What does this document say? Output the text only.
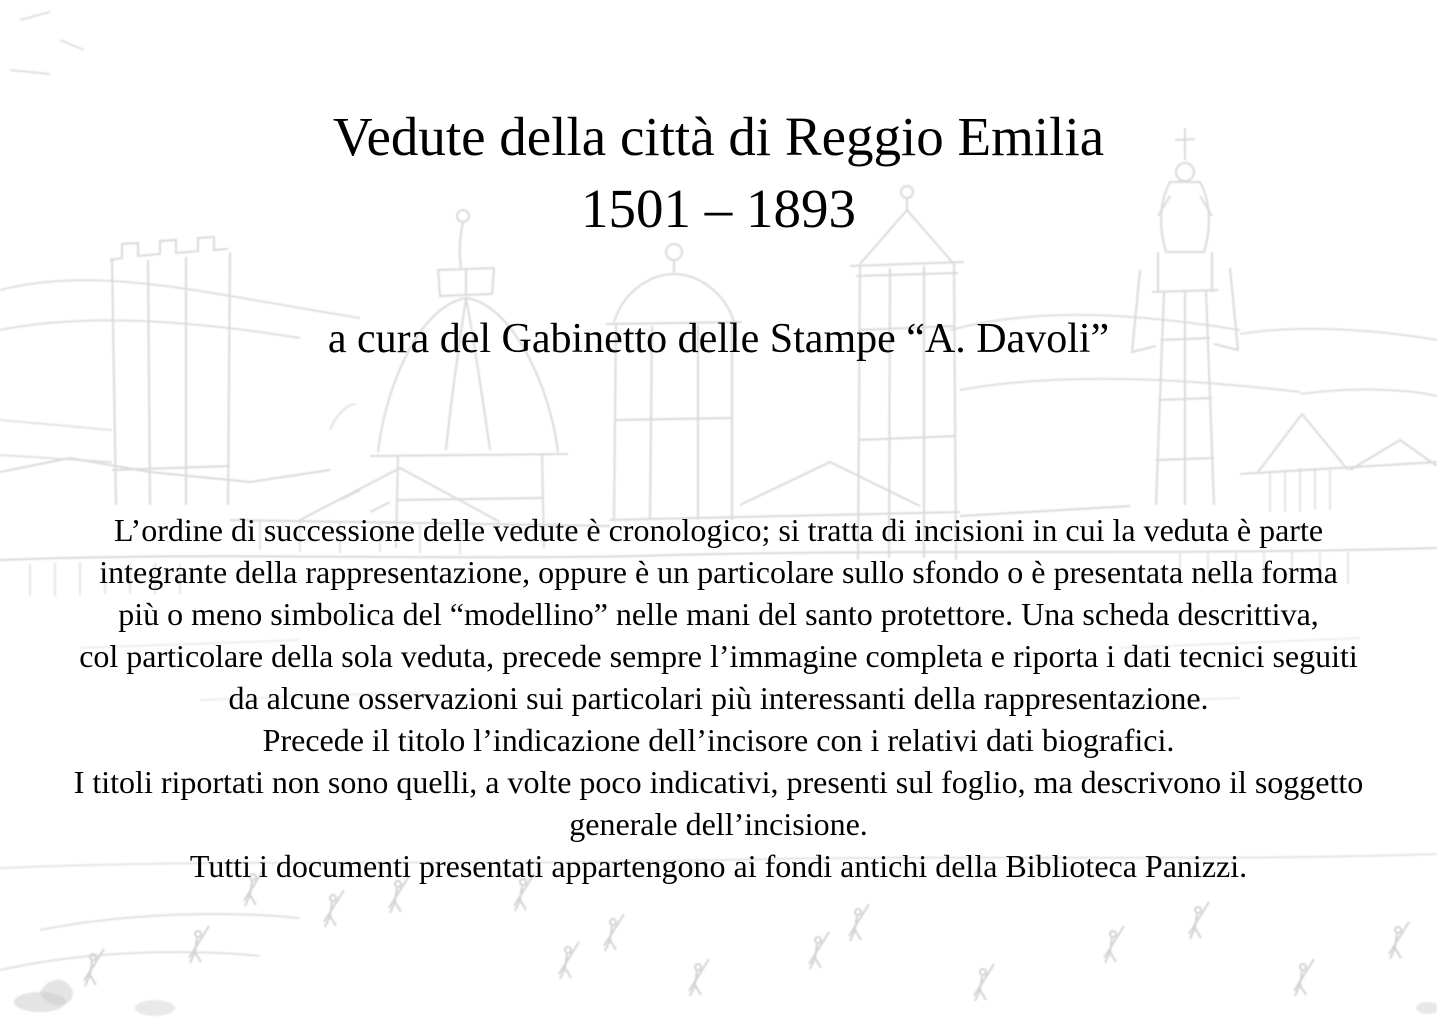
Vedute della città di Reggio Emilia
1501 – 1893
a cura del Gabinetto delle Stampe “A. Davoli”
L’ordine di successione delle vedute è cronologico; si tratta di incisioni in cui la veduta è parte
integrante della rappresentazione, oppure è un particolare sullo sfondo o è presentata nella forma
più o meno simbolica del “modellino” nelle mani del santo protettore. Una scheda descrittiva,
col particolare della sola veduta, precede sempre l’immagine completa e riporta i dati tecnici seguiti
da alcune osservazioni sui particolari più interessanti della rappresentazione.
Precede il titolo l’indicazione dell’incisore con i relativi dati biografici.
I titoli riportati non sono quelli, a volte poco indicativi, presenti sul foglio, ma descrivono il soggetto
generale dell’incisione.
Tutti i documenti presentati appartengono ai fondi antichi della Biblioteca Panizzi.
